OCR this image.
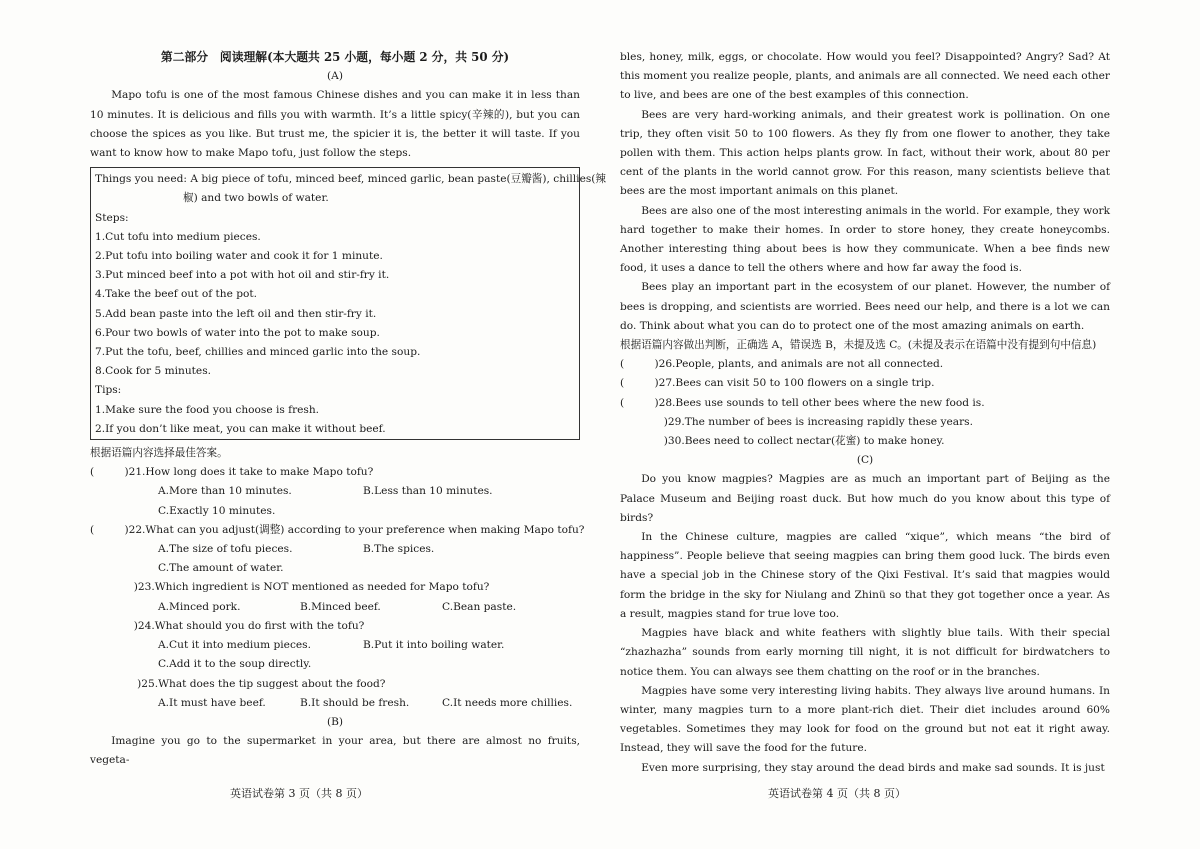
第二部分　阅读理解(本大题共 25 小题，每小题 2 分，共 50 分)
(A)

Mapo tofu is one of the most famous Chinese dishes and you can make it in less than 10 minutes. It is delicious and fills you with warmth. It’s a little spicy(辛辣的), but you can choose the spices as you like. But trust me, the spicier it is, the better it will taste. If you want to know how to make Mapo tofu, just follow the steps.

Things you need: A big piece of tofu, minced beef, minced garlic, bean paste(豆瓣酱), chillies(辣
椒) and two bowls of water.
Steps:
1.Cut tofu into medium pieces.
2.Put tofu into boiling water and cook it for 1 minute.
3.Put minced beef into a pot with hot oil and stir-fry it.
4.Take the beef out of the pot.
5.Add bean paste into the left oil and then stir-fry it.
6.Pour two bowls of water into the pot to make soup.
7.Put the tofu, beef, chillies and minced garlic into the soup.
8.Cook for 5 minutes.
Tips:
1.Make sure the food you choose is fresh.
2.If you don’t like meat, you can make it without beef.
根据语篇内容选择最佳答案。
(         )21.How long does it take to make Mapo tofu?
A.More than 10 minutes.	B.Less than 10 minutes.
C.Exactly 10 minutes.
(         )22.What can you adjust(调整) according to your preference when making Mapo tofu?
A.The size of tofu pieces.	B.The spices.
C.The amount of water.
)23.Which ingredient is NOT mentioned as needed for Mapo tofu?
A.Minced pork.	B.Minced beef.	C.Bean paste.
)24.What should you do first with the tofu?
A.Cut it into medium pieces.	B.Put it into boiling water.
C.Add it to the soup directly.
)25.What does the tip suggest about the food?
A.It must have beef.	B.It should be fresh.	C.It needs more chillies.
(B)

Imagine you go to the supermarket in your area, but there are almost no fruits, vegeta-

bles, honey, milk, eggs, or chocolate. How would you feel? Disappointed? Angry? Sad? At this moment you realize people, plants, and animals are all connected. We need each other to live, and bees are one of the best examples of this connection.

Bees are very hard-working animals, and their greatest work is pollination. On one trip, they often visit 50 to 100 flowers. As they fly from one flower to another, they take pollen with them. This action helps plants grow. In fact, without their work, about 80 per cent of the plants in the world cannot grow. For this reason, many scientists believe that bees are the most important animals on this planet.

Bees are also one of the most interesting animals in the world. For example, they work hard together to make their homes. In order to store honey, they create honeycombs. Another interesting thing about bees is how they communicate. When a bee finds new food, it uses a dance to tell the others where and how far away the food is.

Bees play an important part in the ecosystem of our planet. However, the number of bees is dropping, and scientists are worried. Bees need our help, and there is a lot we can do. Think about what you can do to protect one of the most amazing animals on earth.

根据语篇内容做出判断，正确选 A，错误选 B，未提及选 C。(未提及表示在语篇中没有提到句中信息)

(         )26.People, plants, and animals are not all connected.
(         )27.Bees can visit 50 to 100 flowers on a single trip.
(         )28.Bees use sounds to tell other bees where the new food is.
)29.The number of bees is increasing rapidly these years.
)30.Bees need to collect nectar(花蜜) to make honey.
(C)

Do you know magpies? Magpies are as much an important part of Beijing as the Palace Museum and Beijing roast duck. But how much do you know about this type of birds?

In the Chinese culture, magpies are called “xique”, which means “the bird of happiness”. People believe that seeing magpies can bring them good luck. The birds even have a special job in the Chinese story of the Qixi Festival. It’s said that magpies would form the bridge in the sky for Niulang and Zhinü so that they got together once a year. As a result, magpies stand for true love too.

Magpies have black and white feathers with slightly blue tails. With their special “zhazhazha” sounds from early morning till night, it is not difficult for birdwatchers to notice them. You can always see them chatting on the roof or in the branches.

Magpies have some very interesting living habits. They always live around humans. In winter, many magpies turn to a more plant-rich diet. Their diet includes around 60% vegetables. Sometimes they may look for food on the ground but not eat it right away. Instead, they will save the food for the future.

Even more surprising, they stay around the dead birds and make sad sounds. It is just

英语试卷第 3 页（共 8 页）	英语试卷第 4 页（共 8 页）
